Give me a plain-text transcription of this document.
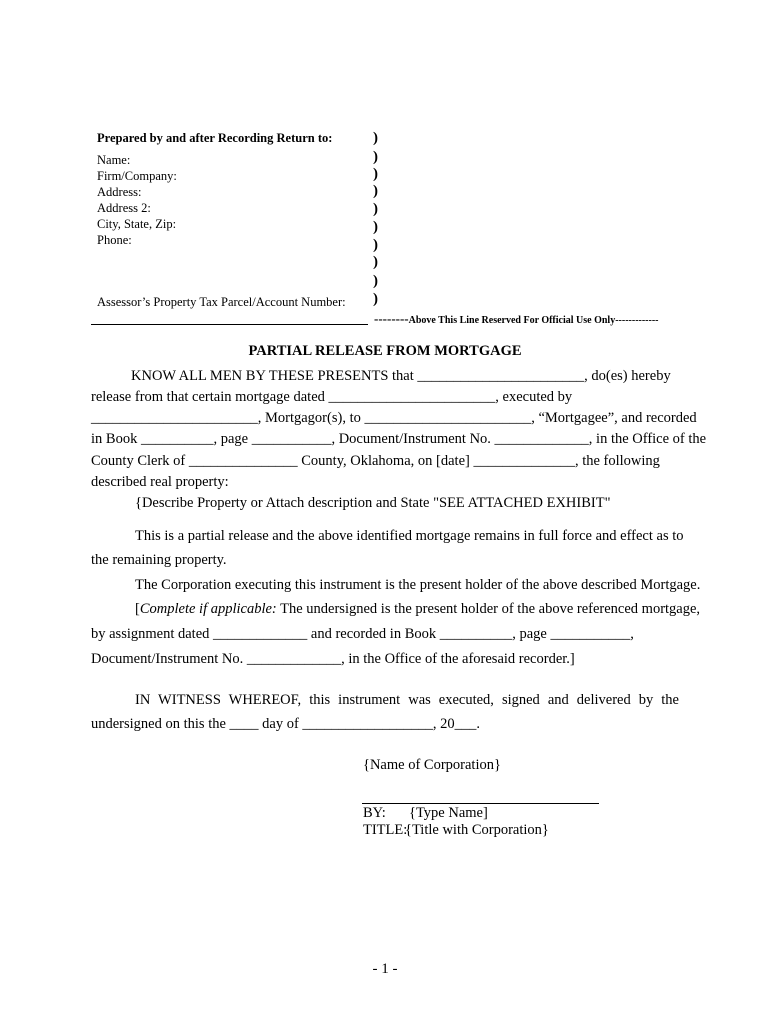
Prepared by and after Recording Return to:
Name:
Firm/Company:
Address:
Address 2:
City, State, Zip:
Phone:
Assessor’s Property Tax Parcel/Account Number:
)
)
)
)
)
)
)
)
)
)
--------Above This Line Reserved For Official Use Only-------------
PARTIAL RELEASE FROM MORTGAGE
KNOW ALL MEN BY THESE PRESENTS that _______________________, do(es) hereby
release from that certain mortgage dated _______________________, executed by
_______________________, Mortgagor(s), to _______________________, “Mortgagee”, and recorded
in Book __________, page ___________, Document/Instrument No. _____________, in the Office of the
County Clerk of _______________ County, Oklahoma, on [date] ______________, the following
described real property:
{Describe Property or Attach description and State "SEE ATTACHED EXHIBIT"
This is a partial release and the above identified mortgage remains in full force and effect as to
the remaining property.
The Corporation executing this instrument is the present holder of the above described Mortgage.
[Complete if applicable: The undersigned is the present holder of the above referenced mortgage,
by assignment dated _____________ and recorded in Book __________, page ___________,
Document/Instrument No. _____________, in the Office of the aforesaid recorder.]
IN WITNESS WHEREOF, this instrument was executed, signed and delivered by the
undersigned on this the ____ day of __________________, 20___.
{Name of Corporation}
BY: {Type Name]
TITLE:
{Title with Corporation}
- 1 -
